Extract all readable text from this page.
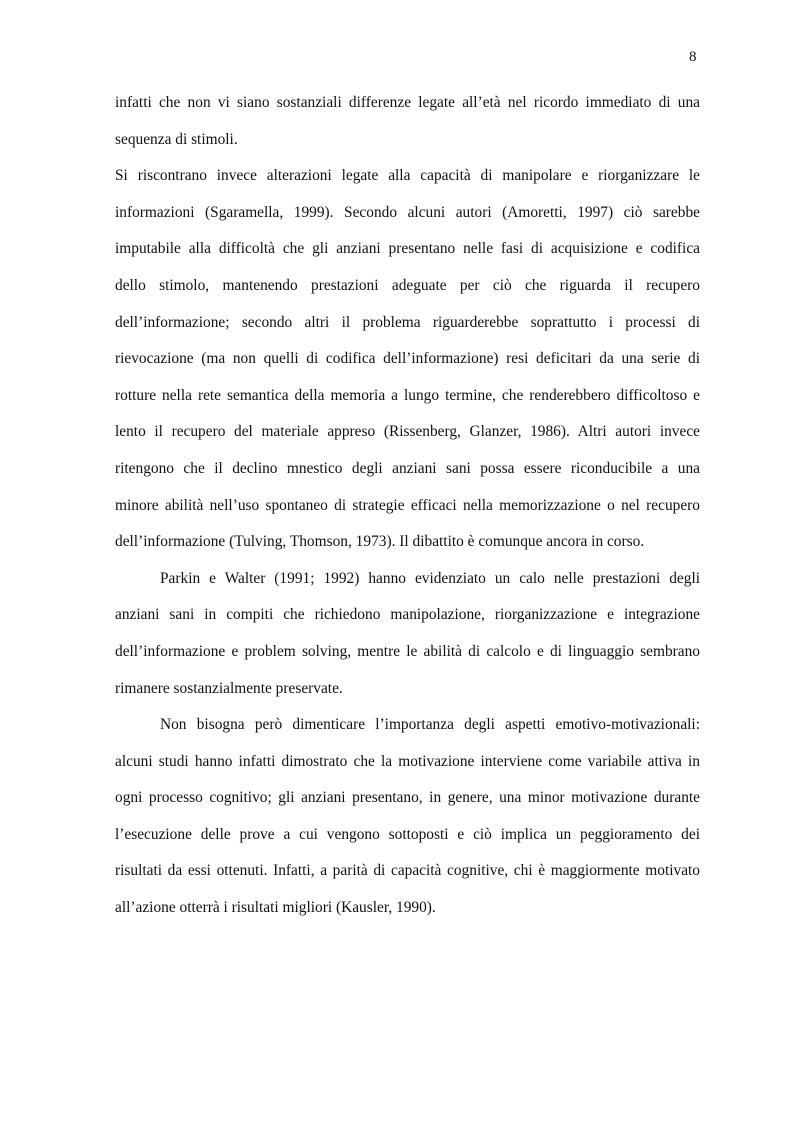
8
infatti che non vi siano sostanziali differenze legate all’età nel ricordo immediato di una
sequenza di stimoli.
Si riscontrano invece alterazioni legate alla capacità di manipolare e riorganizzare le
informazioni (Sgaramella, 1999). Secondo alcuni autori (Amoretti, 1997) ciò sarebbe
imputabile alla difficoltà che gli anziani presentano nelle fasi di acquisizione e codifica
dello stimolo, mantenendo prestazioni adeguate per ciò che riguarda il recupero
dell’informazione; secondo altri il problema riguarderebbe soprattutto i processi di
rievocazione (ma non quelli di codifica dell’informazione) resi deficitari da una serie di
rotture nella rete semantica della memoria a lungo termine, che renderebbero difficoltoso e
lento il recupero del materiale appreso (Rissenberg, Glanzer, 1986). Altri autori invece
ritengono che il declino mnestico degli anziani sani possa essere riconducibile a una
minore abilità nell’uso spontaneo di strategie efficaci nella memorizzazione o nel recupero
dell’informazione (Tulving, Thomson, 1973). Il dibattito è comunque ancora in corso.
Parkin e Walter (1991; 1992) hanno evidenziato un calo nelle prestazioni degli
anziani sani in compiti che richiedono manipolazione, riorganizzazione e integrazione
dell’informazione e problem solving, mentre le abilità di calcolo e di linguaggio sembrano
rimanere sostanzialmente preservate.
Non bisogna però dimenticare l’importanza degli aspetti emotivo-motivazionali:
alcuni studi hanno infatti dimostrato che la motivazione interviene come variabile attiva in
ogni processo cognitivo; gli anziani presentano, in genere, una minor motivazione durante
l’esecuzione delle prove a cui vengono sottoposti e ciò implica un peggioramento dei
risultati da essi ottenuti. Infatti, a parità di capacità cognitive, chi è maggiormente motivato
all’azione otterrà i risultati migliori (Kausler, 1990).
